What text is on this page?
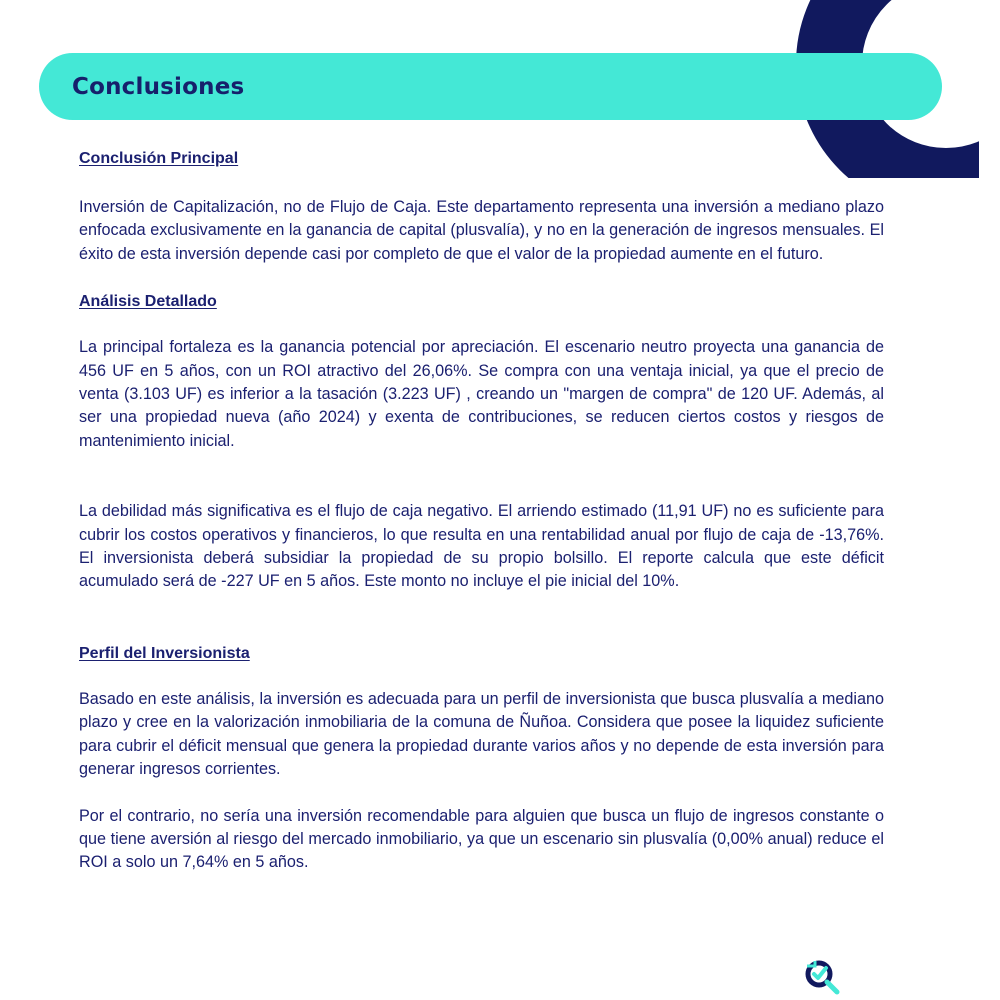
Conclusiones
Conclusión Principal

Inversión de Capitalización, no de Flujo de Caja. Este departamento representa una inversión a mediano plazo enfocada exclusivamente en la ganancia de capital (plusvalía), y no en la generación de ingresos mensuales. El éxito de esta inversión depende casi por completo de que el valor de la propiedad aumente en el futuro.

Análisis Detallado

La principal fortaleza es la ganancia potencial por apreciación. El escenario neutro proyecta una ganancia de 456 UF en 5 años, con un ROI atractivo del 26,06%. Se compra con una ventaja inicial, ya que el precio de venta (3.103 UF) es inferior a la tasación (3.223 UF) , creando un "margen de compra" de 120 UF. Además, al ser una propiedad nueva (año 2024) y exenta de contribuciones, se reducen ciertos costos y riesgos de mantenimiento inicial.

La debilidad más significativa es el flujo de caja negativo. El arriendo estimado (11,91 UF) no es suficiente para cubrir los costos operativos y financieros, lo que resulta en una rentabilidad anual por flujo de caja de -13,76%. El inversionista deberá subsidiar la propiedad de su propio bolsillo. El reporte calcula que este déficit acumulado será de -227 UF en 5 años. Este monto no incluye el pie inicial del 10%.

Perfil del Inversionista

Basado en este análisis, la inversión es adecuada para un perfil de inversionista que busca plusvalía a mediano plazo y cree en la valorización inmobiliaria de la comuna de Ñuñoa. Considera que posee la liquidez suficiente para cubrir el déficit mensual que genera la propiedad durante varios años y no depende de esta inversión para generar ingresos corrientes.

Por el contrario, no sería una inversión recomendable para alguien que busca un flujo de ingresos constante o que tiene aversión al riesgo del mercado inmobiliario, ya que un escenario sin plusvalía (0,00% anual) reduce el ROI a solo un 7,64% en 5 años.
